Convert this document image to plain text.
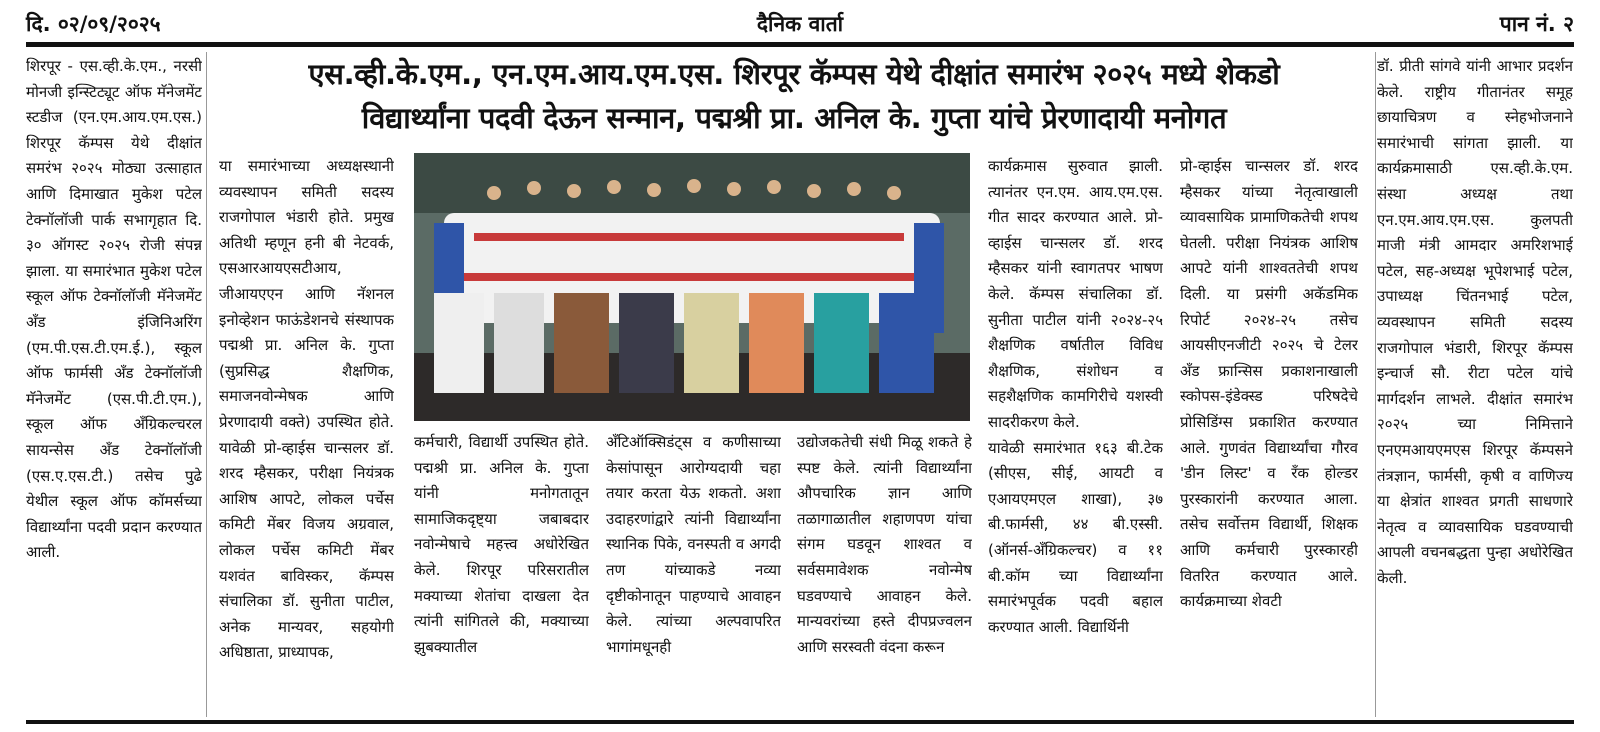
दि. ०२/०९/२०२५	दैनिक वार्ता	पान नं. २
एस.व्ही.के.एम., एन.एम.आय.एम.एस. शिरपूर कॅम्पस येथे दीक्षांत समारंभ २०२५ मध्ये शेकडो
विद्यार्थ्यांना पदवी देऊन सन्मान, पद्मश्री प्रा. अनिल के. गुप्ता यांचे प्रेरणादायी मनोगत

शिरपूर - एस.व्ही.के.एम., नरसी मोनजी इन्स्टिट्यूट ऑफ मॅनेजमेंट स्टडीज (एन.एम.आय.एम.एस.) शिरपूर कॅम्पस येथे दीक्षांत समरंभ २०२५ मोठ्या उत्साहात आणि दिमाखात मुकेश पटेल टेक्नॉलॉजी पार्क सभागृहात दि. ३० ऑगस्ट २०२५ रोजी संपन्न झाला. या समारंभात मुकेश पटेल स्कूल ऑफ टेक्नॉलॉजी मॅनेजमेंट अँड इंजिनिअरिंग (एम.पी.एस.टी.एम.ई.), स्कूल ऑफ फार्मसी अँड टेक्नॉलॉजी मॅनेजमेंट (एस.पी.टी.एम.), स्कूल ऑफ अँग्रिकल्चरल सायन्सेस अँड टेक्नॉलॉजी (एस.ए.एस.टी.) तसेच पुढे येथील स्कूल ऑफ कॉमर्सच्या विद्यार्थ्यांना पदवी प्रदान करण्यात आली.

या समारंभाच्या अध्यक्षस्थानी व्यवस्थापन समिती सदस्य राजगोपाल भंडारी होते. प्रमुख अतिथी म्हणून हनी बी नेटवर्क, एसआरआयएसटीआय, जीआयएएन आणि नॅशनल इनोव्हेशन फाऊंडेशनचे संस्थापक पद्मश्री प्रा. अनिल के. गुप्ता (सुप्रसिद्ध शैक्षणिक, समाजनवोन्मेषक आणि प्रेरणादायी वक्ते) उपस्थित होते. यावेळी प्रो-व्हाईस चान्सलर डॉ. शरद म्हैसकर, परीक्षा नियंत्रक आशिष आपटे, लोकल पर्चेस कमिटी मेंबर विजय अग्रवाल, लोकल पर्चेस कमिटी मेंबर यशवंत बाविस्कर, कॅम्पस संचालिका डॉ. सुनीता पाटील, अनेक मान्यवर, सहयोगी अधिष्ठाता, प्राध्यापक,

कर्मचारी, विद्यार्थी उपस्थित होते. पद्मश्री प्रा. अनिल के. गुप्ता यांनी मनोगतातून सामाजिकदृष्ट्या जबाबदार नवोन्मेषाचे महत्त्व अधोरेखित केले. शिरपूर परिसरातील मक्याच्या शेतांचा दाखला देत त्यांनी सांगितले की, मक्याच्या झुबक्यातील

अँटिऑक्सिडंट्स व कणीसाच्या केसांपासून आरोग्यदायी चहा तयार करता येऊ शकतो. अशा उदाहरणांद्वारे त्यांनी विद्यार्थ्यांना स्थानिक पिके, वनस्पती व अगदी तण यांच्याकडे नव्या दृष्टीकोनातून पाहण्याचे आवाहन केले. त्यांच्या अल्पवापरित भागांमधूनही

उद्योजकतेची संधी मिळू शकते हे स्पष्ट केले. त्यांनी विद्यार्थ्यांना औपचारिक ज्ञान आणि तळागाळातील शहाणपण यांचा संगम घडवून शाश्वत व सर्वसमावेशक नवोन्मेष घडवण्याचे आवाहन केले. मान्यवरांच्या हस्ते दीपप्रज्वलन आणि सरस्वती वंदना करून

कार्यक्रमास सुरुवात झाली. त्यानंतर एन.एम. आय.एम.एस. गीत सादर करण्यात आले. प्रो-व्हाईस चान्सलर डॉ. शरद म्हैसकर यांनी स्वागतपर भाषण केले. कॅम्पस संचालिका डॉ. सुनीता पाटील यांनी २०२४-२५ शैक्षणिक वर्षातील विविध शैक्षणिक, संशोधन व सहशैक्षणिक कामगिरीचे यशस्वी सादरीकरण केले.

यावेळी समारंभात १६३ बी.टेक (सीएस, सीई, आयटी व एआयएमएल शाखा), ३७ बी.फार्मसी, ४४ बी.एस्सी. (ऑनर्स-अँग्रिकल्चर) व ११ बी.कॉम च्या विद्यार्थ्यांना समारंभपूर्वक पदवी बहाल करण्यात आली. विद्यार्थिनी

प्रो-व्हाईस चान्सलर डॉ. शरद म्हैसकर यांच्या नेतृत्वाखाली व्यावसायिक प्रामाणिकतेची शपथ घेतली. परीक्षा नियंत्रक आशिष आपटे यांनी शाश्वततेची शपथ दिली. या प्रसंगी अकॅडमिक रिपोर्ट २०२४-२५ तसेच आयसीएनजीटी २०२५ चे टेलर अँड फ्रान्सिस प्रकाशनाखाली स्कोपस-इंडेक्स्ड परिषदेचे प्रोसिडिंग्स प्रकाशित करण्यात आले. गुणवंत विद्यार्थ्यांचा गौरव 'डीन लिस्ट' व रँक होल्डर पुरस्कारांनी करण्यात आला. तसेच सर्वोत्तम विद्यार्थी, शिक्षक आणि कर्मचारी पुरस्कारही वितरित करण्यात आले. कार्यक्रमाच्या शेवटी

डॉ. प्रीती सांगवे यांनी आभार प्रदर्शन केले. राष्ट्रीय गीतानंतर समूह छायाचित्रण व स्नेहभोजनाने समारंभाची सांगता झाली. या कार्यक्रमासाठी एस.व्ही.के.एम. संस्था अध्यक्ष तथा एन.एम.आय.एम.एस. कुलपती माजी मंत्री आमदार अमरिशभाई पटेल, सह-अध्यक्ष भूपेशभाई पटेल, उपाध्यक्ष चिंतनभाई पटेल, व्यवस्थापन समिती सदस्य राजगोपाल भंडारी, शिरपूर कॅम्पस इन्चार्ज सौ. रीटा पटेल यांचे मार्गदर्शन लाभले. दीक्षांत समारंभ २०२५ च्या निमित्ताने एनएमआयएमएस शिरपूर कॅम्पसने तंत्रज्ञान, फार्मसी, कृषी व वाणिज्य या क्षेत्रांत शाश्वत प्रगती साधणारे नेतृत्व व व्यावसायिक घडवण्याची आपली वचनबद्धता पुन्हा अधोरेखित केली.
